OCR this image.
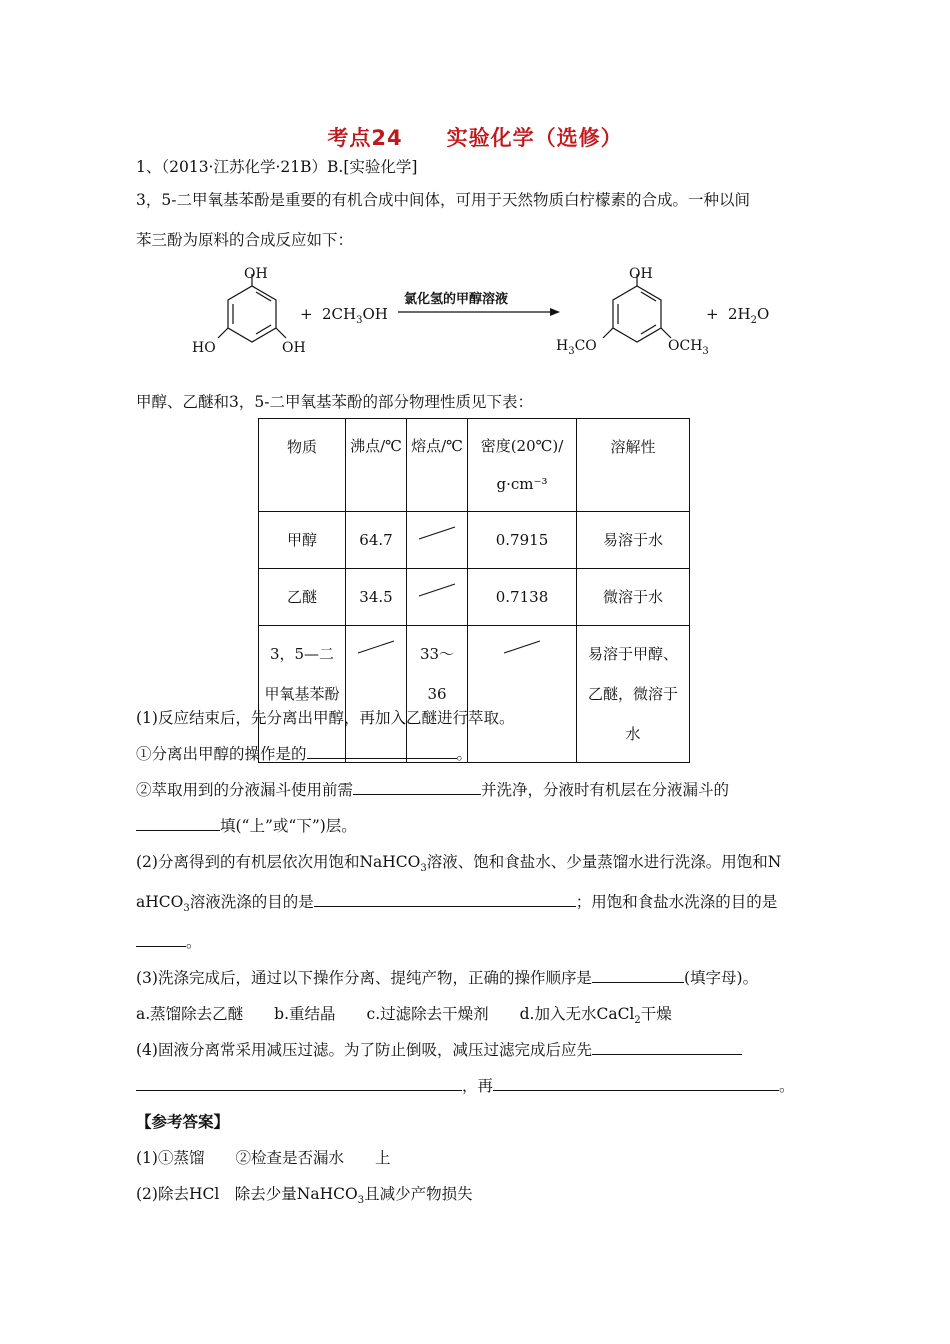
考点24　　实验化学（选修）
1、（2013·江苏化学·21B）B.[实验化学]
3，5-二甲氧基苯酚是重要的有机合成中间体，可用于天然物质白柠檬素的合成。一种以间
苯三酚为原料的合成反应如下：
OH
HO	OH
+ $2CH_3OH$
氯化氢的甲醇溶液
OH
$H_3CO$	$OCH_3$
+ $2H_2O$
甲醇、乙醚和3，5-二甲氧基苯酚的部分物理性质见下表：
物质	沸点/℃	熔点/℃	密度(20℃)/ g·cm⁻³	溶解性
甲醇	64.7		0.7915	易溶于水
乙醚	34.5		0.7138	微溶于水
3，5—二甲氧基苯酚		33～36		易溶于甲醇、乙醚，微溶于水
(1)反应结束后，先分离出甲醇，再加入乙醚进行萃取。
①分离出甲醇的操作是的	。
②萃取用到的分液漏斗使用前需	并洗净，分液时有机层在分液漏斗的
填(“上”或“下”)层。
(2)分离得到的有机层依次用饱和NaHCO$_3$溶液、饱和食盐水、少量蒸馏水进行洗涤。用饱和N
aHCO$_3$溶液洗涤的目的是	；用饱和食盐水洗涤的目的是
。
(3)洗涤完成后，通过以下操作分离、提纯产物，正确的操作顺序是	(填字母)。
a.蒸馏除去乙醚　　b.重结晶　　c.过滤除去干燥剂　　d.加入无水CaCl$_2$干燥
(4)固液分离常采用减压过滤。为了防止倒吸，减压过滤完成后应先
，再	。
【参考答案】
(1)①蒸馏　　②检查是否漏水　　上
(2)除去HCl　除去少量NaHCO$_3$且减少产物损失
